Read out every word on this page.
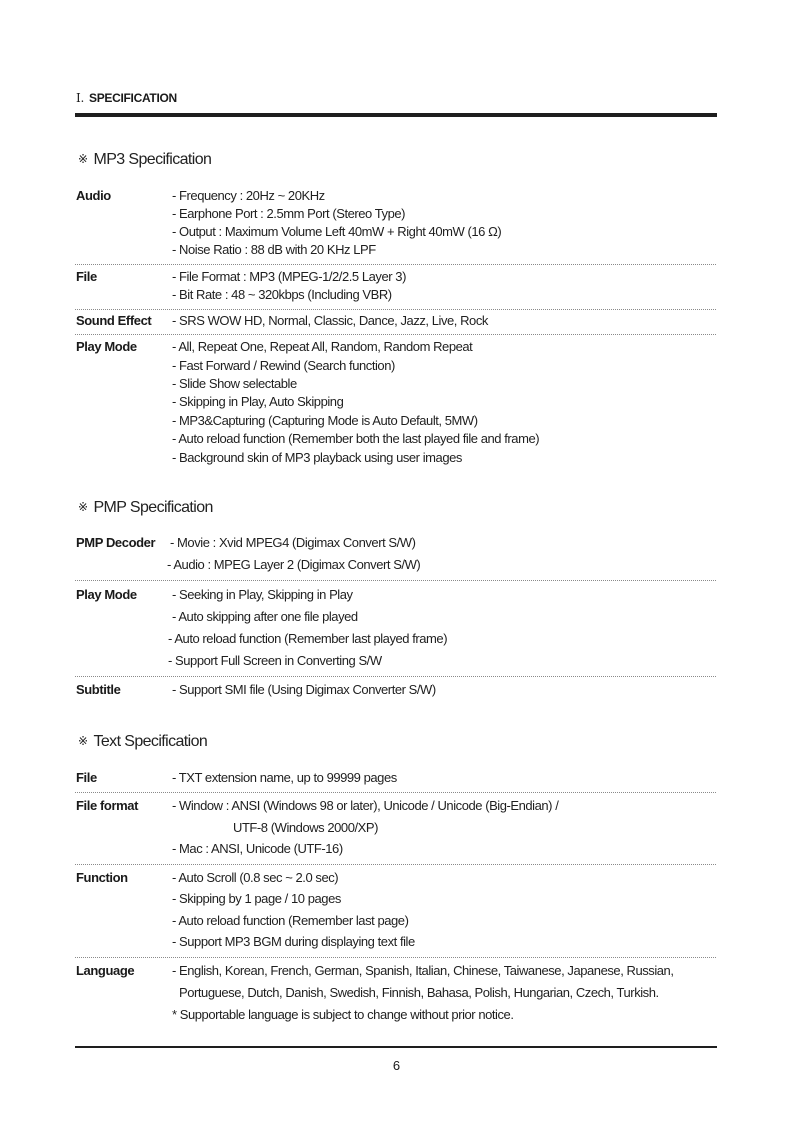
Ⅰ. SPECIFICATION
※ MP3 Specification
Audio	- Frequency : 20Hz ~ 20KHz
- Earphone Port : 2.5mm Port (Stereo Type)
- Output : Maximum Volume Left 40mW + Right 40mW (16 Ω)
- Noise Ratio : 88 dB with 20 KHz LPF
File	- File Format : MP3 (MPEG-1/2/2.5 Layer 3)
- Bit Rate : 48 ~ 320kbps (Including VBR)
Sound Effect - SRS WOW HD, Normal, Classic, Dance, Jazz, Live, Rock
Play Mode	- All, Repeat One, Repeat All, Random, Random Repeat
- Fast Forward / Rewind (Search function)
- Slide Show selectable
- Skipping in Play, Auto Skipping
- MP3&Capturing (Capturing Mode is Auto Default, 5MW)
- Auto reload function (Remember both the last played file and frame)
- Background skin of MP3 playback using user images
※ PMP Specification
PMP Decoder - Movie : Xvid MPEG4 (Digimax Convert S/W)
- Audio : MPEG Layer 2 (Digimax Convert S/W)
Play Mode	- Seeking in Play, Skipping in Play
- Auto skipping after one file played
- Auto reload function (Remember last played frame)
- Support Full Screen in Converting S/W
Subtitle	- Support SMI file (Using Digimax Converter S/W)
※ Text Specification
File	- TXT extension name, up to 99999 pages
File format	- Window : ANSI (Windows 98 or later), Unicode / Unicode (Big-Endian) /
UTF-8 (Windows 2000/XP)
- Mac : ANSI, Unicode (UTF-16)
Function	- Auto Scroll (0.8 sec ~ 2.0 sec)
- Skipping by 1 page / 10 pages
- Auto reload function (Remember last page)
- Support MP3 BGM during displaying text file
Language	- English, Korean, French, German, Spanish, Italian, Chinese, Taiwanese, Japanese, Russian,
Portuguese, Dutch, Danish, Swedish, Finnish, Bahasa, Polish, Hungarian, Czech, Turkish.
* Supportable language is subject to change without prior notice.
6
